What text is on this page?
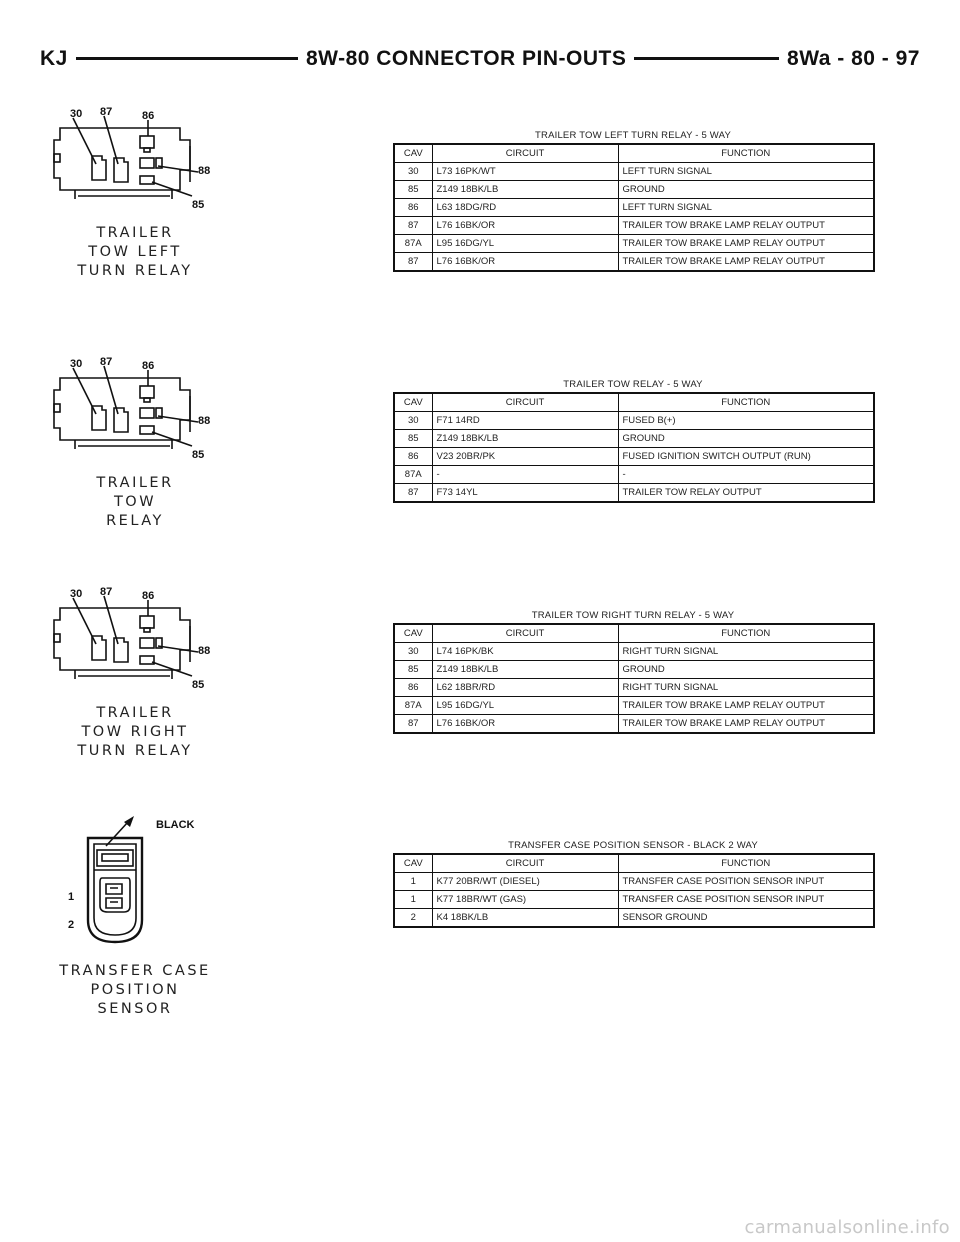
KJ	8W-80 CONNECTOR PIN-OUTS	8Wa - 80 - 97
30 87	86
88
85
TRAILER
TOW LEFT
TURN RELAY
30 87	86
88
85
TRAILER
TOW
RELAY
30 87	86
88
85
TRAILER
TOW RIGHT
TURN RELAY
BLACK
1
2
TRANSFER CASE
POSITION
SENSOR
TRAILER TOW LEFT TURN RELAY - 5 WAY
CAV	CIRCUIT	FUNCTION
30	L73 16PK/WT	LEFT TURN SIGNAL
85	Z149 18BK/LB	GROUND
86	L63 18DG/RD	LEFT TURN SIGNAL
87	L76 16BK/OR	TRAILER TOW BRAKE LAMP RELAY OUTPUT
87A	L95 16DG/YL	TRAILER TOW BRAKE LAMP RELAY OUTPUT
87	L76 16BK/OR	TRAILER TOW BRAKE LAMP RELAY OUTPUT
TRAILER TOW RELAY - 5 WAY
CAV	CIRCUIT	FUNCTION
30	F71 14RD	FUSED B(+)
85	Z149 18BK/LB	GROUND
86	V23 20BR/PK	FUSED IGNITION SWITCH OUTPUT (RUN)
87A	-	-
87	F73 14YL	TRAILER TOW RELAY OUTPUT
TRAILER TOW RIGHT TURN RELAY - 5 WAY
CAV	CIRCUIT	FUNCTION
30	L74 16PK/BK	RIGHT TURN SIGNAL
85	Z149 18BK/LB	GROUND
86	L62 18BR/RD	RIGHT TURN SIGNAL
87A	L95 16DG/YL	TRAILER TOW BRAKE LAMP RELAY OUTPUT
87	L76 16BK/OR	TRAILER TOW BRAKE LAMP RELAY OUTPUT
TRANSFER CASE POSITION SENSOR - BLACK 2 WAY
CAV	CIRCUIT	FUNCTION
1	K77 20BR/WT (DIESEL)	TRANSFER CASE POSITION SENSOR INPUT
1	K77 18BR/WT (GAS)	TRANSFER CASE POSITION SENSOR INPUT
2	K4 18BK/LB	SENSOR GROUND
carmanualsonline.info
